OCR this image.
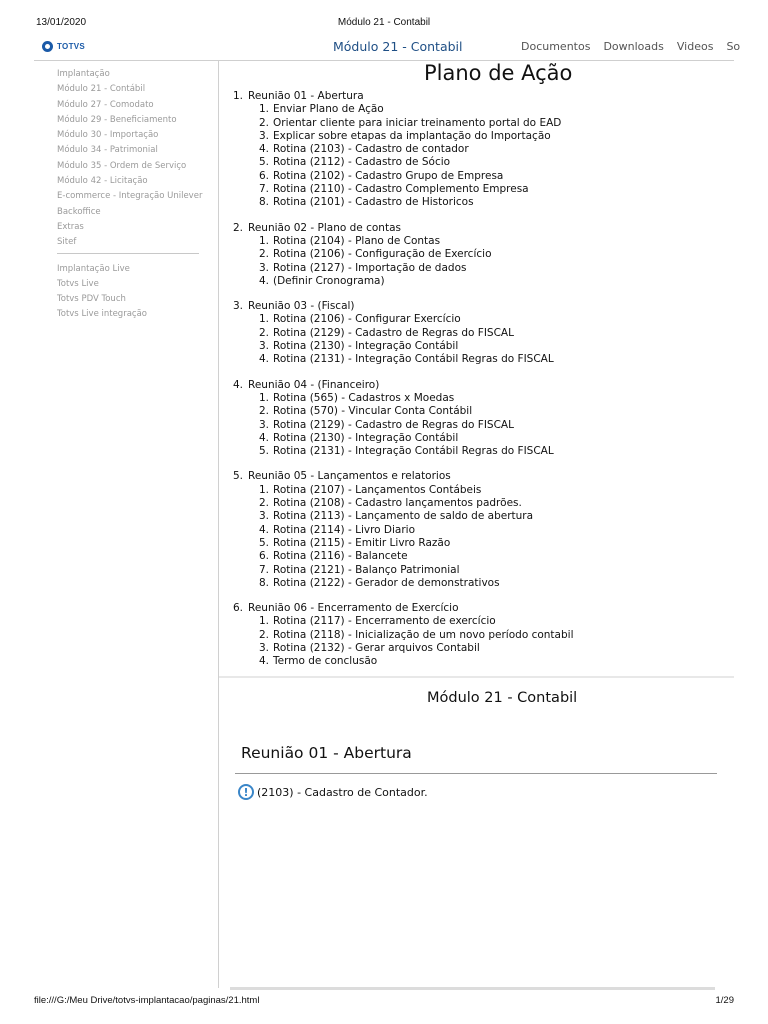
13/01/2020	Módulo 21 - Contabil
TOTVS	Módulo 21 - Contabil	Documentos Downloads Videos So
Implantação
Módulo 21 - Contábil
Módulo 27 - Comodato
Módulo 29 - Beneficiamento
Módulo 30 - Importação
Módulo 34 - Patrimonial
Módulo 35 - Ordem de Serviço
Módulo 42 - Licitação
E-commerce - Integração Unilever
Backoffice
Extras
Sitef
Implantação Live
Totvs Live
Totvs PDV Touch
Totvs Live integração
Plano de Ação
1. Reunião 01 - Abertura
1. Enviar Plano de Ação
2. Orientar cliente para iniciar treinamento portal do EAD
3. Explicar sobre etapas da implantação do Importação
4. Rotina (2103) - Cadastro de contador
5. Rotina (2112) - Cadastro de Sócio
6. Rotina (2102) - Cadastro Grupo de Empresa
7. Rotina (2110) - Cadastro Complemento Empresa
8. Rotina (2101) - Cadastro de Historicos
2. Reunião 02 - Plano de contas
1. Rotina (2104) - Plano de Contas
2. Rotina (2106) - Configuração de Exercício
3. Rotina (2127) - Importação de dados
4. (Definir Cronograma)
3. Reunião 03 - (Fiscal)
1. Rotina (2106) - Configurar Exercício
2. Rotina (2129) - Cadastro de Regras do FISCAL
3. Rotina (2130) - Integração Contábil
4. Rotina (2131) - Integração Contábil Regras do FISCAL
4. Reunião 04 - (Financeiro)
1. Rotina (565) - Cadastros x Moedas
2. Rotina (570) - Vincular Conta Contábil
3. Rotina (2129) - Cadastro de Regras do FISCAL
4. Rotina (2130) - Integração Contábil
5. Rotina (2131) - Integração Contábil Regras do FISCAL
5. Reunião 05 - Lançamentos e relatorios
1. Rotina (2107) - Lançamentos Contábeis
2. Rotina (2108) - Cadastro lançamentos padrões.
3. Rotina (2113) - Lançamento de saldo de abertura
4. Rotina (2114) - Livro Diario
5. Rotina (2115) - Emitir Livro Razão
6. Rotina (2116) - Balancete
7. Rotina (2121) - Balanço Patrimonial
8. Rotina (2122) - Gerador de demonstrativos
6. Reunião 06 - Encerramento de Exercício
1. Rotina (2117) - Encerramento de exercício
2. Rotina (2118) - Inicialização de um novo período contabil
3. Rotina (2132) - Gerar arquivos Contabil
4. Termo de conclusão
Módulo 21 - Contabil
Reunião 01 - Abertura
! (2103) - Cadastro de Contador.
file:///G:/Meu Drive/totvs-implantacao/paginas/21.html	1/29
